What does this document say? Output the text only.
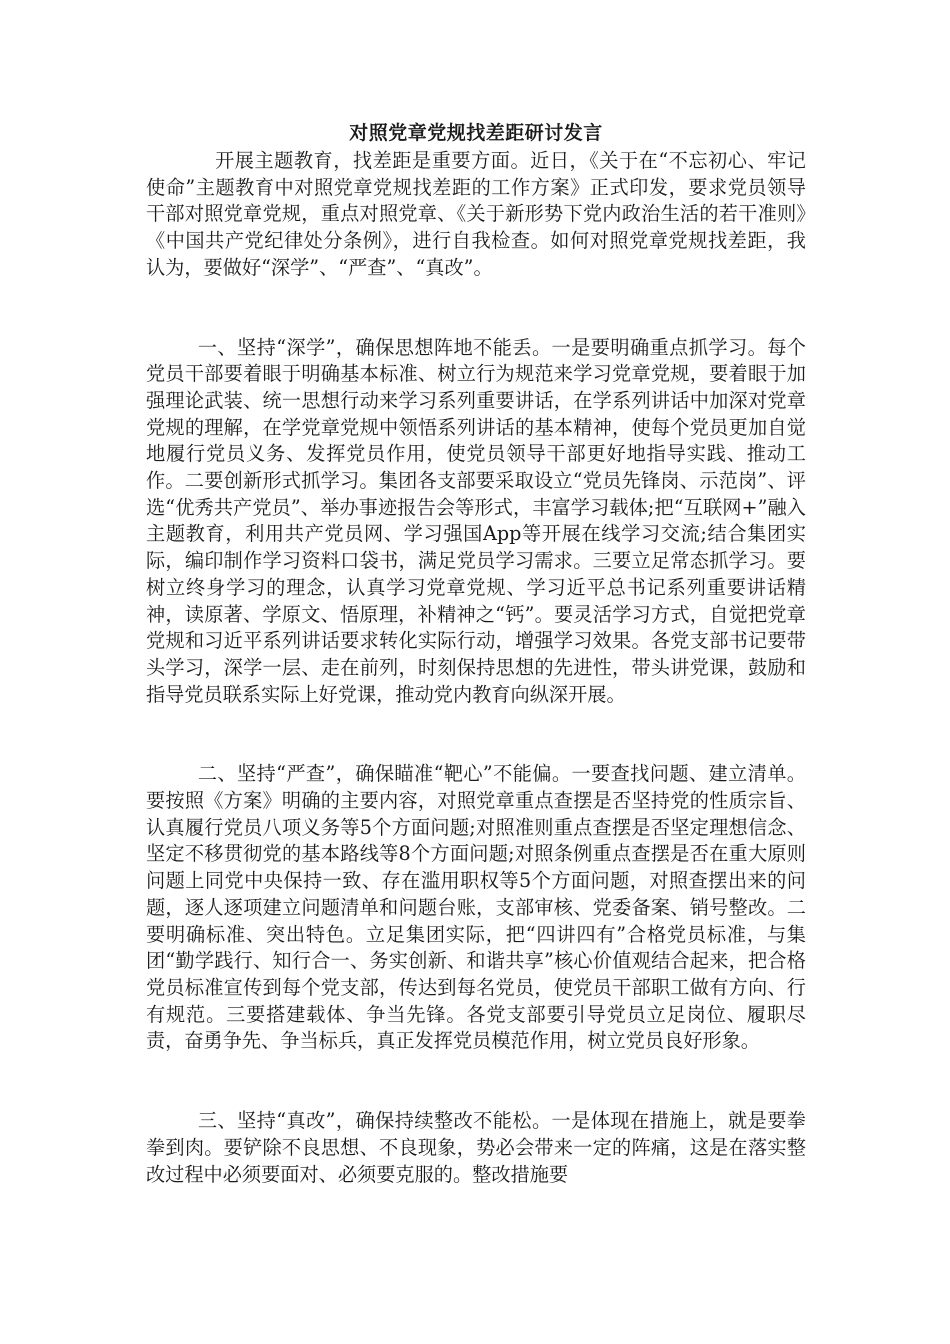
对照党章党规找差距研讨发言

开展主题教育，找差距是重要方面。近日，《关于在“不忘初心、牢记使命”主题教育中对照党章党规找差距的工作方案》正式印发，要求党员领导干部对照党章党规，重点对照党章、《关于新形势下党内政治生活的若干准则》《中国共产党纪律处分条例》，进行自我检查。如何对照党章党规找差距，我认为，要做好“深学”、“严查”、“真改”。

一、坚持“深学”，确保思想阵地不能丢。一是要明确重点抓学习。每个党员干部要着眼于明确基本标准、树立行为规范来学习党章党规，要着眼于加强理论武装、统一思想行动来学习系列重要讲话，在学系列讲话中加深对党章党规的理解，在学党章党规中领悟系列讲话的基本精神，使每个党员更加自觉地履行党员义务、发挥党员作用，使党员领导干部更好地指导实践、推动工作。二要创新形式抓学习。集团各支部要采取设立“党员先锋岗、示范岗”、评选“优秀共产党员”、举办事迹报告会等形式，丰富学习载体;把“互联网+”融入主题教育，利用共产党员网、学习强国App等开展在线学习交流;结合集团实际，编印制作学习资料口袋书，满足党员学习需求。三要立足常态抓学习。要树立终身学习的理念，认真学习党章党规、学习近平总书记系列重要讲话精神，读原著、学原文、悟原理，补精神之“钙”。要灵活学习方式，自觉把党章党规和习近平系列讲话要求转化实际行动，增强学习效果。各党支部书记要带头学习，深学一层、走在前列，时刻保持思想的先进性，带头讲党课，鼓励和指导党员联系实际上好党课，推动党内教育向纵深开展。

二、坚持“严查”，确保瞄准“靶心”不能偏。一要查找问题、建立清单。要按照《方案》明确的主要内容，对照党章重点查摆是否坚持党的性质宗旨、认真履行党员八项义务等5个方面问题;对照准则重点查摆是否坚定理想信念、坚定不移贯彻党的基本路线等8个方面问题;对照条例重点查摆是否在重大原则问题上同党中央保持一致、存在滥用职权等5个方面问题，对照查摆出来的问题，逐人逐项建立问题清单和问题台账，支部审核、党委备案、销号整改。二要明确标准、突出特色。立足集团实际，把“四讲四有”合格党员标准，与集团“勤学践行、知行合一、务实创新、和谐共享”核心价值观结合起来，把合格党员标准宣传到每个党支部，传达到每名党员，使党员干部职工做有方向、行有规范。三要搭建载体、争当先锋。各党支部要引导党员立足岗位、履职尽责，奋勇争先、争当标兵，真正发挥党员模范作用，树立党员良好形象。

三、坚持“真改”，确保持续整改不能松。一是体现在措施上，就是要拳拳到肉。要铲除不良思想、不良现象，势必会带来一定的阵痛，这是在落实整改过程中必须要面对、必须要克服的。整改措施要
